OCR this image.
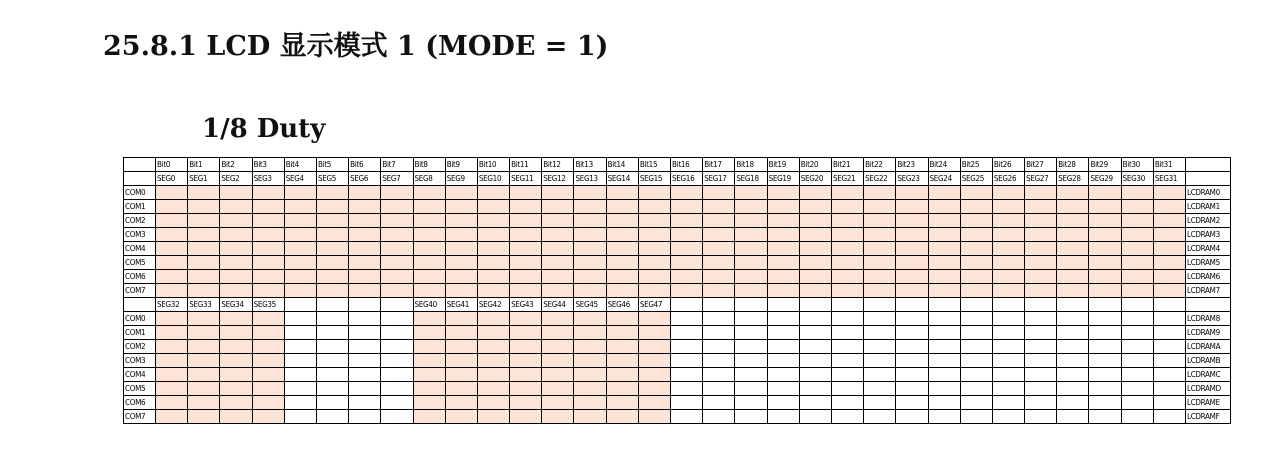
25.8.1 LCD 显示模式 1 (MODE = 1)
1/8 Duty
	Bit0	Bit1	Bit2	Bit3	Bit4	Bit5	Bit6	Bit7	Bit8	Bit9	Bit10	Bit11	Bit12	Bit13	Bit14	Bit15	Bit16	Bit17	Bit18	Bit19	Bit20	Bit21	Bit22	Bit23	Bit24	Bit25	Bit26	Bit27	Bit28	Bit29	Bit30	Bit31	
	SEG0	SEG1	SEG2	SEG3	SEG4	SEG5	SEG6	SEG7	SEG8	SEG9	SEG10	SEG11	SEG12	SEG13	SEG14	SEG15	SEG16	SEG17	SEG18	SEG19	SEG20	SEG21	SEG22	SEG23	SEG24	SEG25	SEG26	SEG27	SEG28	SEG29	SEG30	SEG31	
COM0																																	LCDRAM0
COM1																																	LCDRAM1
COM2																																	LCDRAM2
COM3																																	LCDRAM3
COM4																																	LCDRAM4
COM5																																	LCDRAM5
COM6																																	LCDRAM6
COM7																																	LCDRAM7
	SEG32	SEG33	SEG34	SEG35					SEG40	SEG41	SEG42	SEG43	SEG44	SEG45	SEG46	SEG47																	
COM0																																	LCDRAM8
COM1																																	LCDRAM9
COM2																																	LCDRAMA
COM3																																	LCDRAMB
COM4																																	LCDRAMC
COM5																																	LCDRAMD
COM6																																	LCDRAME
COM7																																	LCDRAMF
